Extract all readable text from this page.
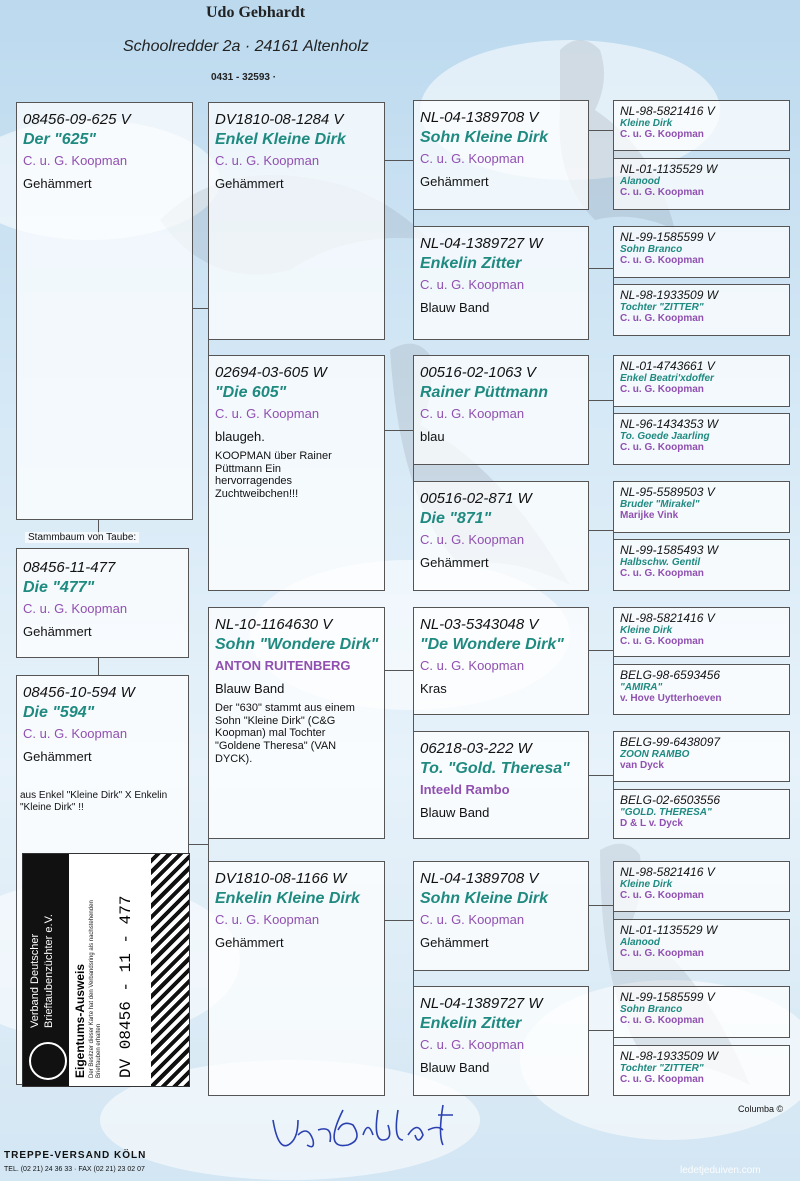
Udo Gebhardt
Schoolredder 2a · 24161 Altenholz
0431 - 32593 ·
08456-09-625 V
Der "625"
C. u. G. Koopman
Gehämmert
Stammbaum von Taube:
08456-11-477
Die "477"
C. u. G. Koopman
Gehämmert
08456-10-594 W
Die "594"
C. u. G. Koopman
Gehämmert
aus Enkel "Kleine Dirk" X Enkelin "Kleine Dirk" !!
DV1810-08-1284 V
Enkel Kleine Dirk
C. u. G. Koopman
Gehämmert
02694-03-605 W
"Die 605"
C. u. G. Koopman
blaugeh.
KOOPMAN über Rainer Püttmann Ein hervorragendes Zuchtweibchen!!!
NL-10-1164630 V
Sohn "Wondere Dirk"
ANTON RUITENBERG
Blauw Band
Der "630" stammt aus einem Sohn "Kleine Dirk" (C&G Koopman) mal Tochter "Goldene Theresa" (VAN DYCK).
DV1810-08-1166 W
Enkelin Kleine Dirk
C. u. G. Koopman
Gehämmert
NL-04-1389708 V
Sohn Kleine Dirk
C. u. G. Koopman
Gehämmert
NL-04-1389727 W
Enkelin Zitter
C. u. G. Koopman
Blauw Band
00516-02-1063 V
Rainer Püttmann
C. u. G. Koopman
blau
00516-02-871 W
Die "871"
C. u. G. Koopman
Gehämmert
NL-03-5343048 V
"De Wondere Dirk"
C. u. G. Koopman
Kras
06218-03-222 W
To. "Gold. Theresa"
Inteeld Rambo
Blauw Band
NL-04-1389708 V
Sohn Kleine Dirk
C. u. G. Koopman
Gehämmert
NL-04-1389727 W
Enkelin Zitter
C. u. G. Koopman
Blauw Band
NL-98-5821416 V
Kleine Dirk
C. u. G. Koopman
NL-01-1135529 W
Alanood
C. u. G. Koopman
NL-99-1585599 V
Sohn Branco
C. u. G. Koopman
NL-98-1933509 W
Tochter "ZITTER"
C. u. G. Koopman
NL-01-4743661 V
Enkel Beatri'xdoffer
C. u. G. Koopman
NL-96-1434353 W
To. Goede Jaarling
C. u. G. Koopman
NL-95-5589503 V
Bruder "Mirakel"
Marijke Vink
NL-99-1585493 W
Halbschw. Gentil
C. u. G. Koopman
NL-98-5821416 V
Kleine Dirk
C. u. G. Koopman
BELG-98-6593456
"AMIRA"
v. Hove Uytterhoeven
BELG-99-6438097
ZOON RAMBO
van Dyck
BELG-02-6503556
"GOLD. THERESA"
D & L v. Dyck
NL-98-5821416 V
Kleine Dirk
C. u. G. Koopman
NL-01-1135529 W
Alanood
C. u. G. Koopman
NL-99-1585599 V
Sohn Branco
C. u. G. Koopman
NL-98-1933509 W
Tochter "ZITTER"
C. u. G. Koopman
Verband Deutscher Brieftaubenzüchter e.V. Eigentums-Ausweis Der Besitzer dieser Karte hat den Verbandsring als nachstehenden Brieftauben erhalten DV 08456 - 11 - 477
TREPPE-VERSAND KÖLN
TEL. (02 21) 24 36 33 · FAX (02 21) 23 02 07
Columba ©
ledetjeduiven.com
